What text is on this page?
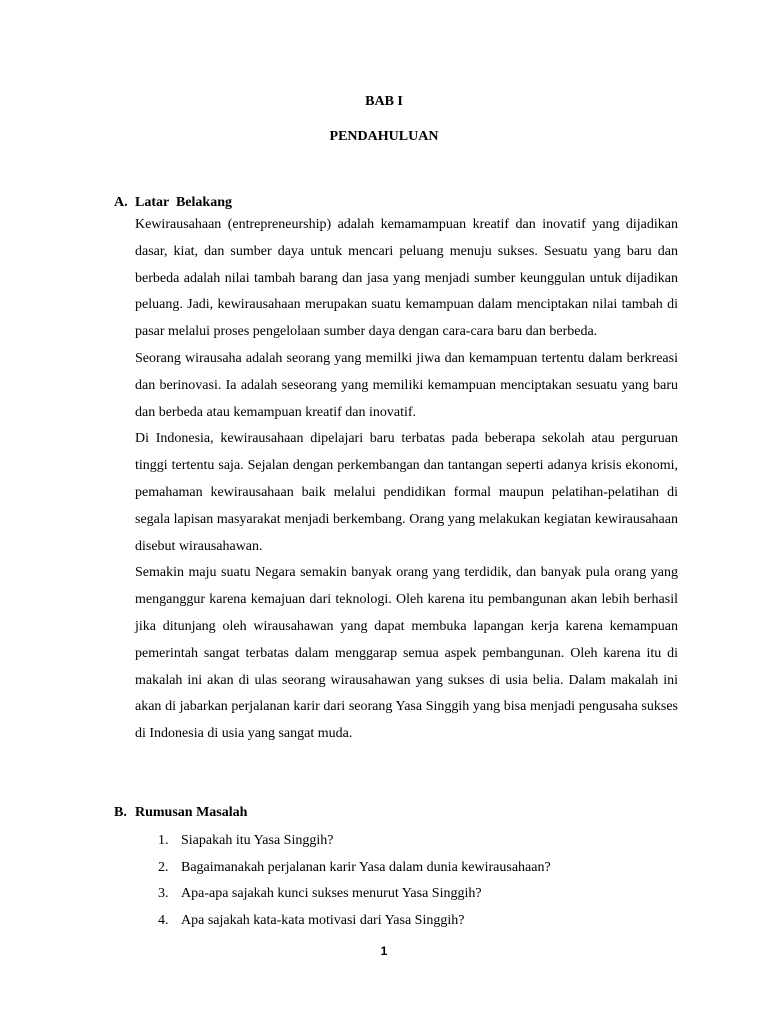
BAB I
PENDAHULUAN
A. Latar  Belakang

Kewirausahaan (entrepreneurship) adalah kemamampuan kreatif dan inovatif yang dijadikan dasar, kiat, dan sumber daya untuk mencari peluang menuju sukses. Sesuatu yang baru dan berbeda adalah nilai tambah barang dan jasa yang menjadi sumber keunggulan untuk dijadikan peluang. Jadi, kewirausahaan merupakan suatu kemampuan dalam menciptakan nilai tambah di pasar melalui proses pengelolaan sumber daya dengan cara-cara baru dan berbeda.

Seorang wirausaha adalah seorang yang memilki jiwa dan kemampuan tertentu dalam berkreasi dan berinovasi. Ia adalah seseorang yang memiliki kemampuan menciptakan sesuatu yang baru dan berbeda atau kemampuan kreatif dan inovatif.

Di Indonesia, kewirausahaan dipelajari baru terbatas pada beberapa sekolah atau perguruan tinggi tertentu saja. Sejalan dengan perkembangan dan tantangan seperti adanya krisis ekonomi, pemahaman kewirausahaan baik melalui pendidikan formal maupun pelatihan-pelatihan di segala lapisan masyarakat menjadi berkembang. Orang yang melakukan kegiatan kewirausahaan disebut wirausahawan.

Semakin maju suatu Negara semakin banyak orang yang terdidik, dan banyak pula orang yang menganggur karena kemajuan dari teknologi. Oleh karena itu pembangunan akan lebih berhasil jika ditunjang oleh wirausahawan yang dapat membuka lapangan kerja karena kemampuan pemerintah sangat terbatas dalam menggarap semua aspek pembangunan. Oleh karena itu di makalah ini akan di ulas seorang wirausahawan yang sukses di usia belia. Dalam makalah ini akan di jabarkan perjalanan karir dari seorang Yasa Singgih yang bisa menjadi pengusaha sukses di Indonesia di usia yang sangat muda.

B. Rumusan Masalah
1. Siapakah itu Yasa Singgih?
2. Bagaimanakah perjalanan karir Yasa dalam dunia kewirausahaan?
3. Apa-apa sajakah kunci sukses menurut Yasa Singgih?
4. Apa sajakah kata-kata motivasi dari Yasa Singgih?
1
